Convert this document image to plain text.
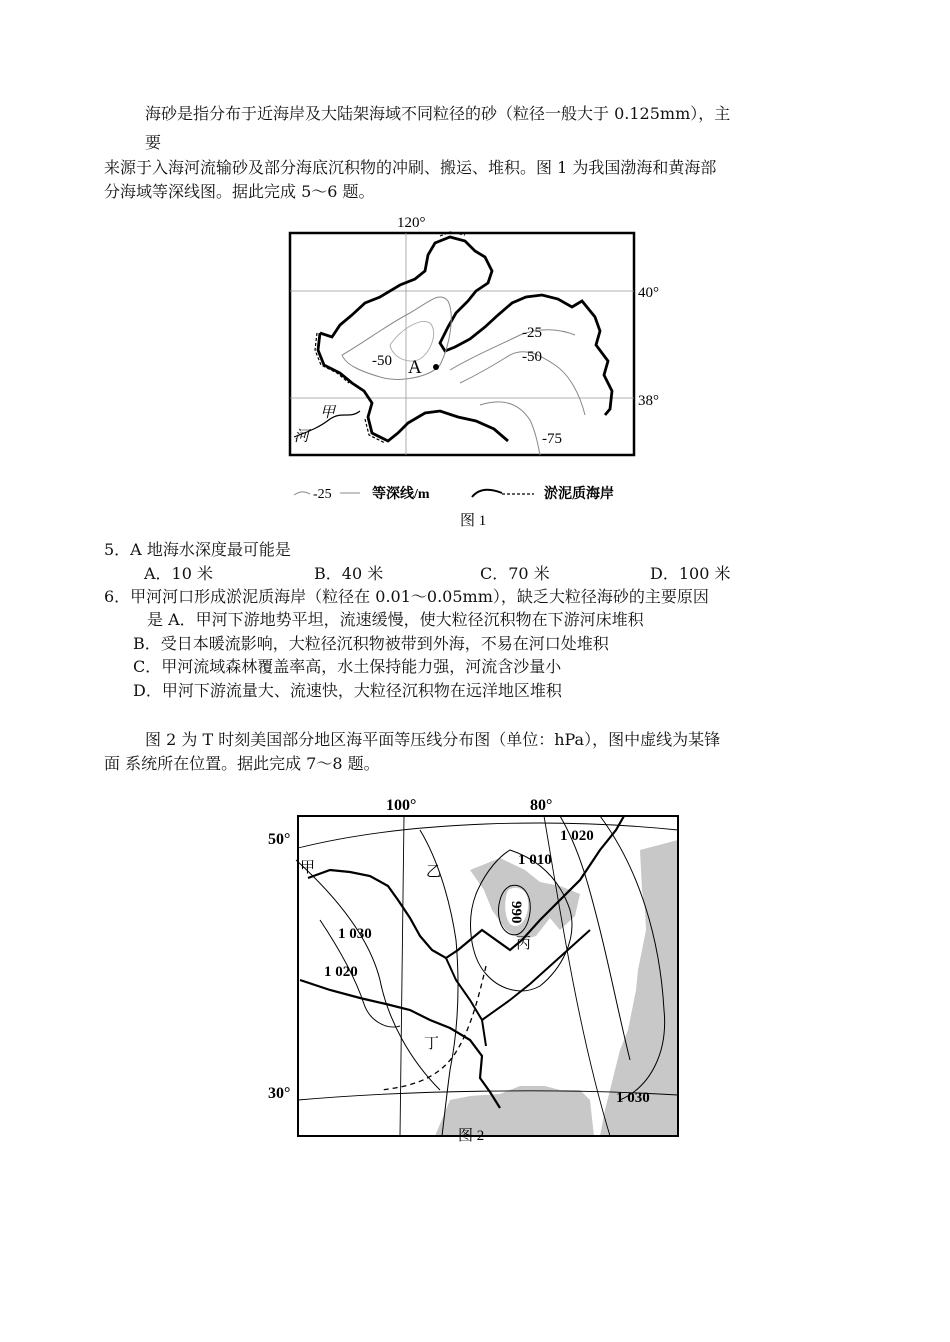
海砂是指分布于近海岸及大陆架海域不同粒径的砂（粒径一般大于 0.125mm），主
要
来源于入海河流输砂及部分海底沉积物的冲刷、搬运、堆积。图 1 为我国渤海和黄海部
分海域等深线图。据此完成 5～6 题。
120°
40°
38°
-50
-25
-50
-75
A
甲
河
-25	等深线/m	淤泥质海岸
图 1
5．A 地海水深度最可能是
A．10 米	B．40 米	C．70 米	D．100 米
6．甲河河口形成淤泥质海岸（粒径在 0.01～0.05mm），缺乏大粒径海砂的主要原因
是 A．甲河下游地势平坦，流速缓慢，使大粒径沉积物在下游河床堆积
B．受日本暖流影响，大粒径沉积物被带到外海，不易在河口处堆积
C．甲河流域森林覆盖率高，水土保持能力强，河流含沙量小
D．甲河下游流量大、流速快，大粒径沉积物在远洋地区堆积
图 2 为 T 时刻美国部分地区海平面等压线分布图（单位：hPa），图中虚线为某锋
面 系统所在位置。据此完成 7～8 题。
100°	80°
50°
30°
1 020
1 010
990
1 030
1 020
1 030
甲	乙
丙
丁
图 2
